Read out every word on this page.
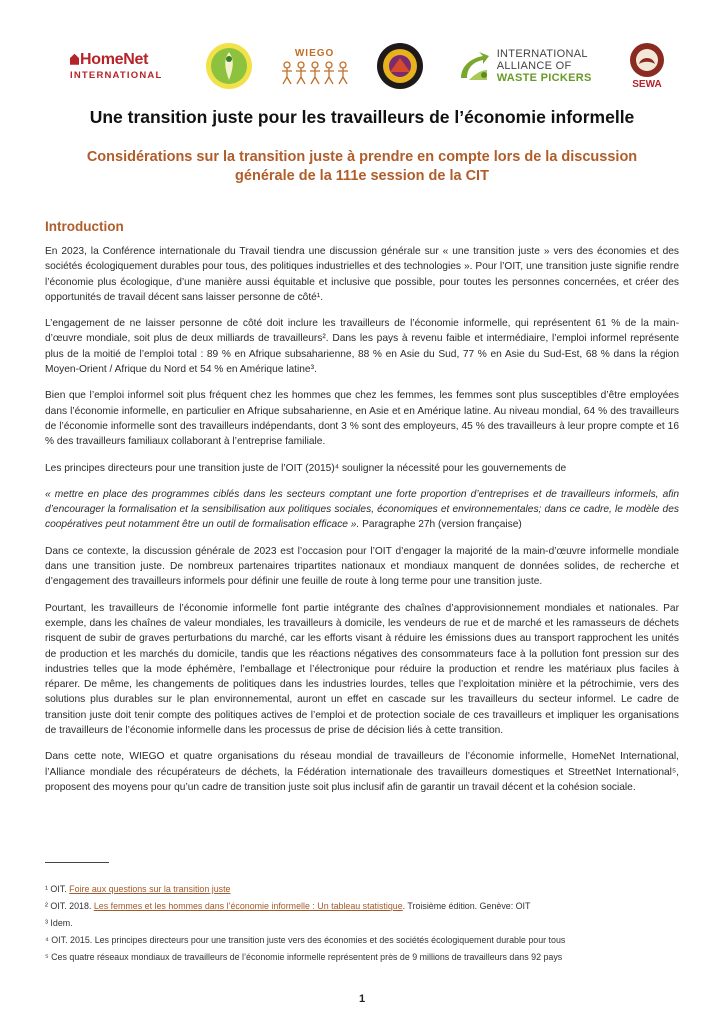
HomeNet
INTERNATIONAL
WIEGO	INTERNATIONAL
ALLIANCE OF
WASTE PICKERS
SEWA
Une transition juste pour les travailleurs de l’économie informelle
Considérations sur la transition juste à prendre en compte lors de la discussion générale de la 111e session de la CIT
Introduction

En 2023, la Conférence internationale du Travail tiendra une discussion générale sur « une transition juste » vers des économies et des sociétés écologiquement durables pour tous, des politiques industrielles et des technologies ». Pour l’OIT, une transition juste signifie rendre l’économie plus écologique, d’une manière aussi équitable et inclusive que possible, pour toutes les personnes concernées, et créer des opportunités de travail décent sans laisser personne de côté¹.

L’engagement de ne laisser personne de côté doit inclure les travailleurs de l’économie informelle, qui représentent 61 % de la main-d’œuvre mondiale, soit plus de deux milliards de travailleurs². Dans les pays à revenu faible et intermédiaire, l’emploi informel représente plus de la moitié de l’emploi total : 89 % en Afrique subsaharienne, 88 % en Asie du Sud, 77 % en Asie du Sud-Est, 68 % dans la région Moyen-Orient / Afrique du Nord et 54 % en Amérique latine³.

Bien que l’emploi informel soit plus fréquent chez les hommes que chez les femmes, les femmes sont plus susceptibles d’être employées dans l’économie informelle, en particulier en Afrique subsaharienne, en Asie et en Amérique latine. Au niveau mondial, 64 % des travailleurs de l’économie informelle sont des travailleurs indépendants, dont 3 % sont des employeurs, 45 % des travailleurs à leur propre compte et 16 % des travailleurs familiaux collaborant à l’entreprise familiale.

Les principes directeurs pour une transition juste de l’OIT (2015)⁴ souligner la nécessité pour les gouvernements de

« mettre en place des programmes ciblés dans les secteurs comptant une forte proportion d’entreprises et de travailleurs informels, afin d’encourager la formalisation et la sensibilisation aux politiques sociales, économiques et environnementales; dans ce cadre, le modèle des coopératives peut notamment être un outil de formalisation efficace ». Paragraphe 27h (version française)

Dans ce contexte, la discussion générale de 2023 est l’occasion pour l’OIT d’engager la majorité de la main-d’œuvre informelle mondiale dans une transition juste. De nombreux partenaires tripartites nationaux et mondiaux manquent de données solides, de recherche et d’engagement des travailleurs informels pour définir une feuille de route à long terme pour une transition juste.

Pourtant, les travailleurs de l’économie informelle font partie intégrante des chaînes d’approvisionnement mondiales et nationales. Par exemple, dans les chaînes de valeur mondiales, les travailleurs à domicile, les vendeurs de rue et de marché et les ramasseurs de déchets risquent de subir de graves perturbations du marché, car les efforts visant à réduire les émissions dues au transport rapprochent les unités de production et les marchés du domicile, tandis que les réactions négatives des consommateurs face à la pollution font pression sur des industries telles que la mode éphémère, l’emballage et l’électronique pour réduire la production et rendre les matériaux plus faciles à réparer. De même, les changements de politiques dans les industries lourdes, telles que l’exploitation minière et la pétrochimie, vers des solutions plus durables sur le plan environnemental, auront un effet en cascade sur les travailleurs du secteur informel. Le cadre de transition juste doit tenir compte des politiques actives de l’emploi et de protection sociale de ces travailleurs et impliquer les organisations de travailleurs de l’économie informelle dans les processus de prise de décision liés à cette transition.

Dans cette note, WIEGO et quatre organisations du réseau mondial de travailleurs de l’économie informelle, HomeNet International, l’Alliance mondiale des récupérateurs de déchets, la Fédération internationale des travailleurs domestiques et StreetNet International⁵, proposent des moyens pour qu’un cadre de transition juste soit plus inclusif afin de garantir un travail décent et la cohésion sociale.

¹ OIT. Foire aux questions sur la transition juste
² OIT. 2018. Les femmes et les hommes dans l’économie informelle : Un tableau statistique. Troisième édition. Genève: OIT
³ Idem.
⁴ OIT. 2015. Les principes directeurs pour une transition juste vers des économies et des sociétés écologiquement durable pour tous
⁵ Ces quatre réseaux mondiaux de travailleurs de l’économie informelle représentent près de 9 millions de travailleurs dans 92 pays
1
